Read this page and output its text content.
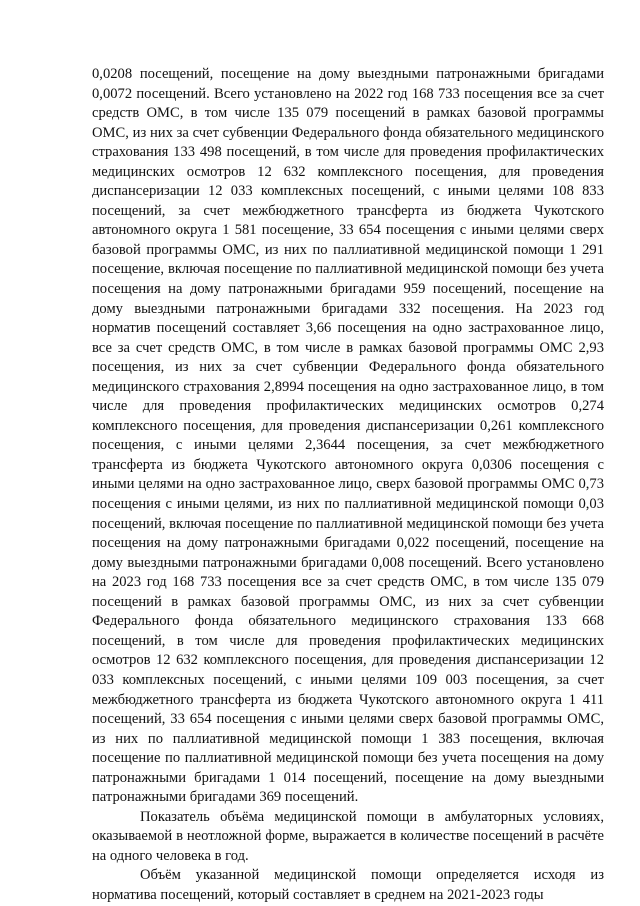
0,0208 посещений, посещение на дому выездными патронажными бригадами 0,0072 посещений. Всего установлено на 2022 год 168 733 посещения все за счет средств ОМС, в том числе 135 079 посещений в рамках базовой программы ОМС, из них за счет субвенции Федерального фонда обязательного медицинского страхования 133 498 посещений, в том числе для проведения профилактических медицинских осмотров 12 632 комплексного посещения, для проведения диспансеризации 12 033 комплексных посещений, с иными целями 108 833 посещений, за счет межбюджетного трансферта из бюджета Чукотского автономного округа 1 581 посещение, 33 654 посещения с иными целями сверх базовой программы ОМС, из них по паллиативной медицинской помощи 1 291 посещение, включая посещение по паллиативной медицинской помощи без учета посещения на дому патронажными бригадами 959 посещений, посещение на дому выездными патронажными бригадами 332 посещения. На 2023 год норматив посещений составляет 3,66 посещения на одно застрахованное лицо, все за счет средств ОМС, в том числе в рамках базовой программы ОМС 2,93 посещения, из них за счет субвенции Федерального фонда обязательного медицинского страхования 2,8994 посещения на одно застрахованное лицо, в том числе для проведения профилактических медицинских осмотров 0,274 комплексного посещения, для проведения диспансеризации 0,261 комплексного посещения, с иными целями 2,3644 посещения, за счет межбюджетного трансферта из бюджета Чукотского автономного округа 0,0306 посещения с иными целями на одно застрахованное лицо, сверх базовой программы ОМС 0,73 посещения с иными целями, из них по паллиативной медицинской помощи 0,03 посещений, включая посещение по паллиативной медицинской помощи без учета посещения на дому патронажными бригадами 0,022 посещений, посещение на дому выездными патронажными бригадами 0,008 посещений. Всего установлено на 2023 год 168 733 посещения все за счет средств ОМС, в том числе 135 079 посещений в рамках базовой программы ОМС, из них за счет субвенции Федерального фонда обязательного медицинского страхования 133 668 посещений, в том числе для проведения профилактических медицинских осмотров 12 632 комплексного посещения, для проведения диспансеризации 12 033 комплексных посещений, с иными целями 109 003 посещения, за счет межбюджетного трансферта из бюджета Чукотского автономного округа 1 411 посещений, 33 654 посещения с иными целями сверх базовой программы ОМС, из них по паллиативной медицинской помощи 1 383 посещения, включая посещение по паллиативной медицинской помощи без учета посещения на дому патронажными бригадами 1 014 посещений, посещение на дому выездными патронажными бригадами 369 посещений.

Показатель объёма медицинской помощи в амбулаторных условиях, оказываемой в неотложной форме, выражается в количестве посещений в расчёте на одного человека в год.

Объём указанной медицинской помощи определяется исходя из норматива посещений, который составляет в среднем на 2021-2023 годы
